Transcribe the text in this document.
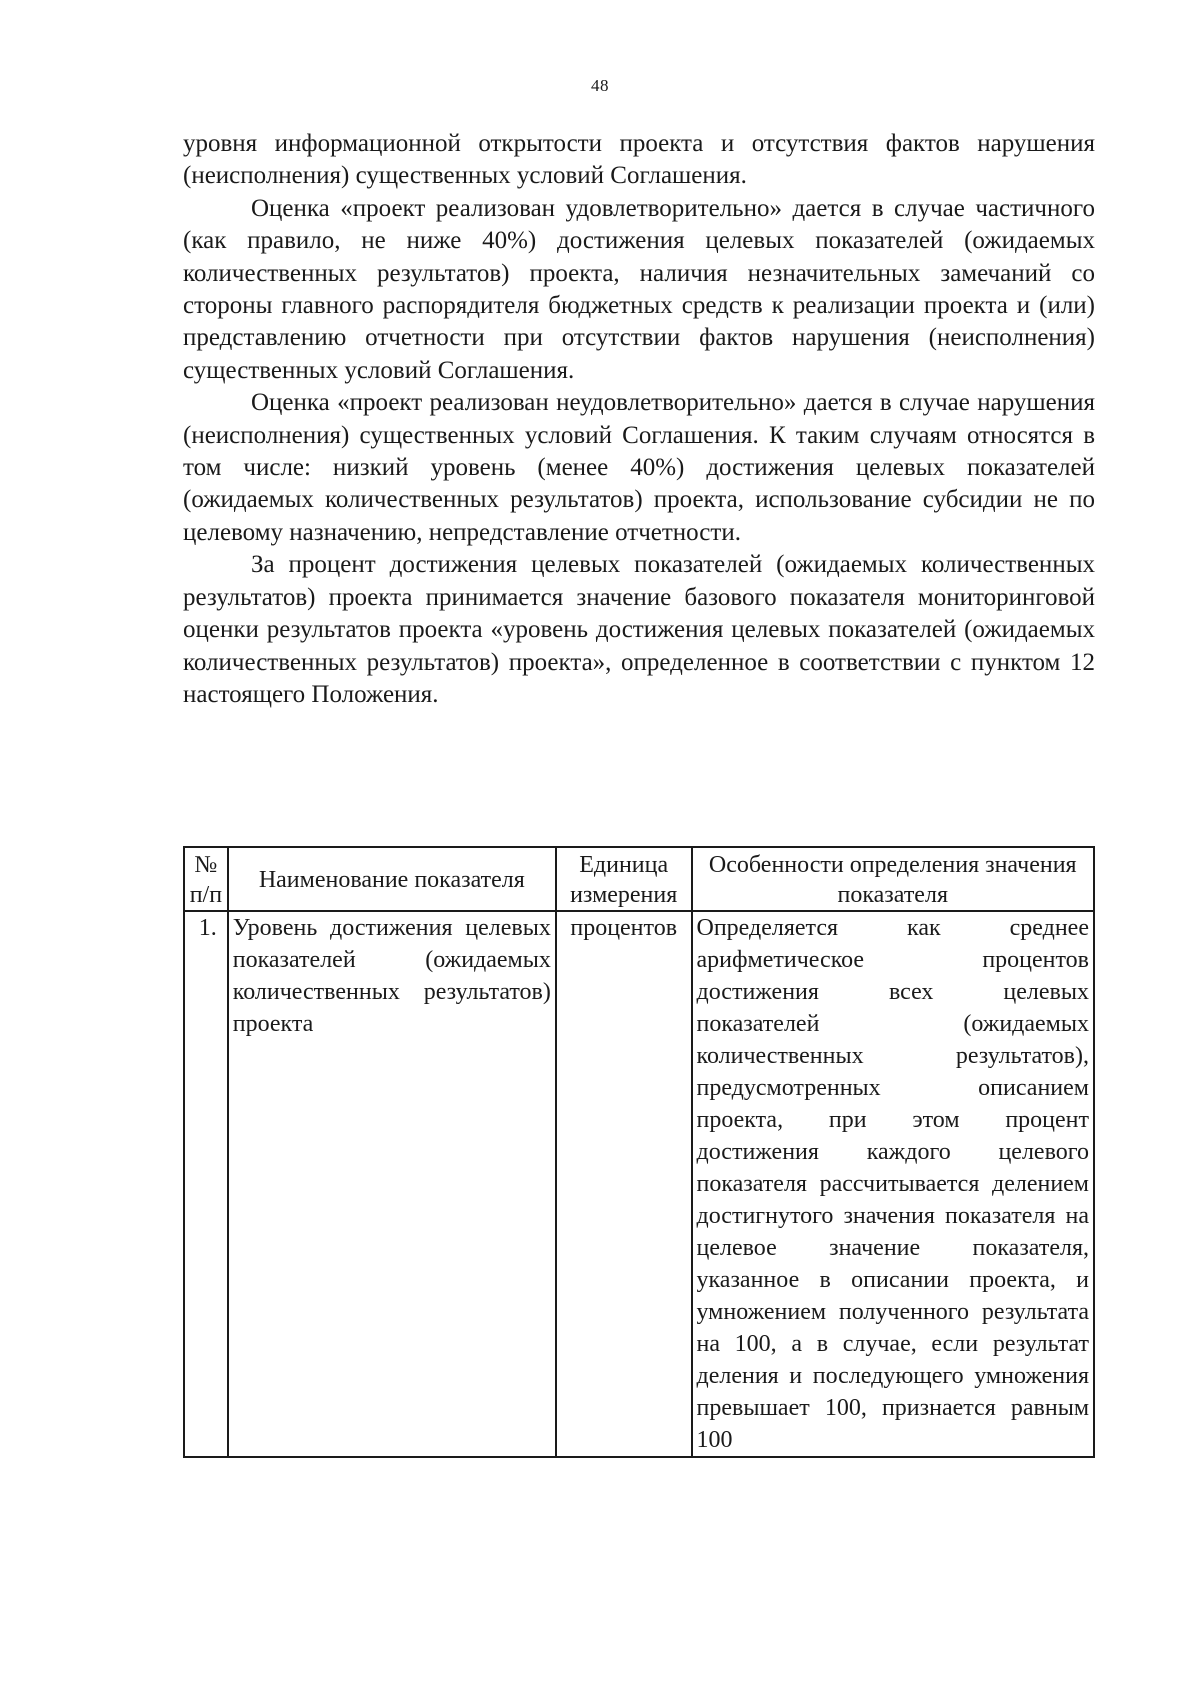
48

уровня информационной открытости проекта и отсутствия фактов нарушения (неисполнения) существенных условий Соглашения.

Оценка «проект реализован удовлетворительно» дается в случае частичного (как правило, не ниже 40%) достижения целевых показателей (ожидаемых количественных результатов) проекта, наличия незначительных замечаний со стороны главного распорядителя бюджетных средств к реализации проекта и (или) представлению отчетности при отсутствии фактов нарушения (неисполнения) существенных условий Соглашения.

Оценка «проект реализован неудовлетворительно» дается в случае нарушения (неисполнения) существенных условий Соглашения. К таким случаям относятся в том числе: низкий уровень (менее 40%) достижения целевых показателей (ожидаемых количественных результатов) проекта, использование субсидии не по целевому назначению, непредставление отчетности.

За процент достижения целевых показателей (ожидаемых количественных результатов) проекта принимается значение базового показателя мониторинговой оценки результатов проекта «уровень достижения целевых показателей (ожидаемых количественных результатов) проекта», определенное в соответствии с пунктом 12 настоящего Положения.

№ п/п	Наименование показателя	Единица измерения	Особенности определения значения показателя
1.	Уровень достижения целевых показателей (ожидаемых количественных результатов) проекта	процентов	Определяется как среднее арифметическое процентов достижения всех целевых показателей (ожидаемых количественных результатов), предусмотренных описанием проекта, при этом процент достижения каждого целевого показателя рассчитывается делением достигнутого значения показателя на целевое значение показателя, указанное в описании проекта, и умножением полученного результата на 100, а в случае, если результат деления и последующего умножения превышает 100, признается равным 100
